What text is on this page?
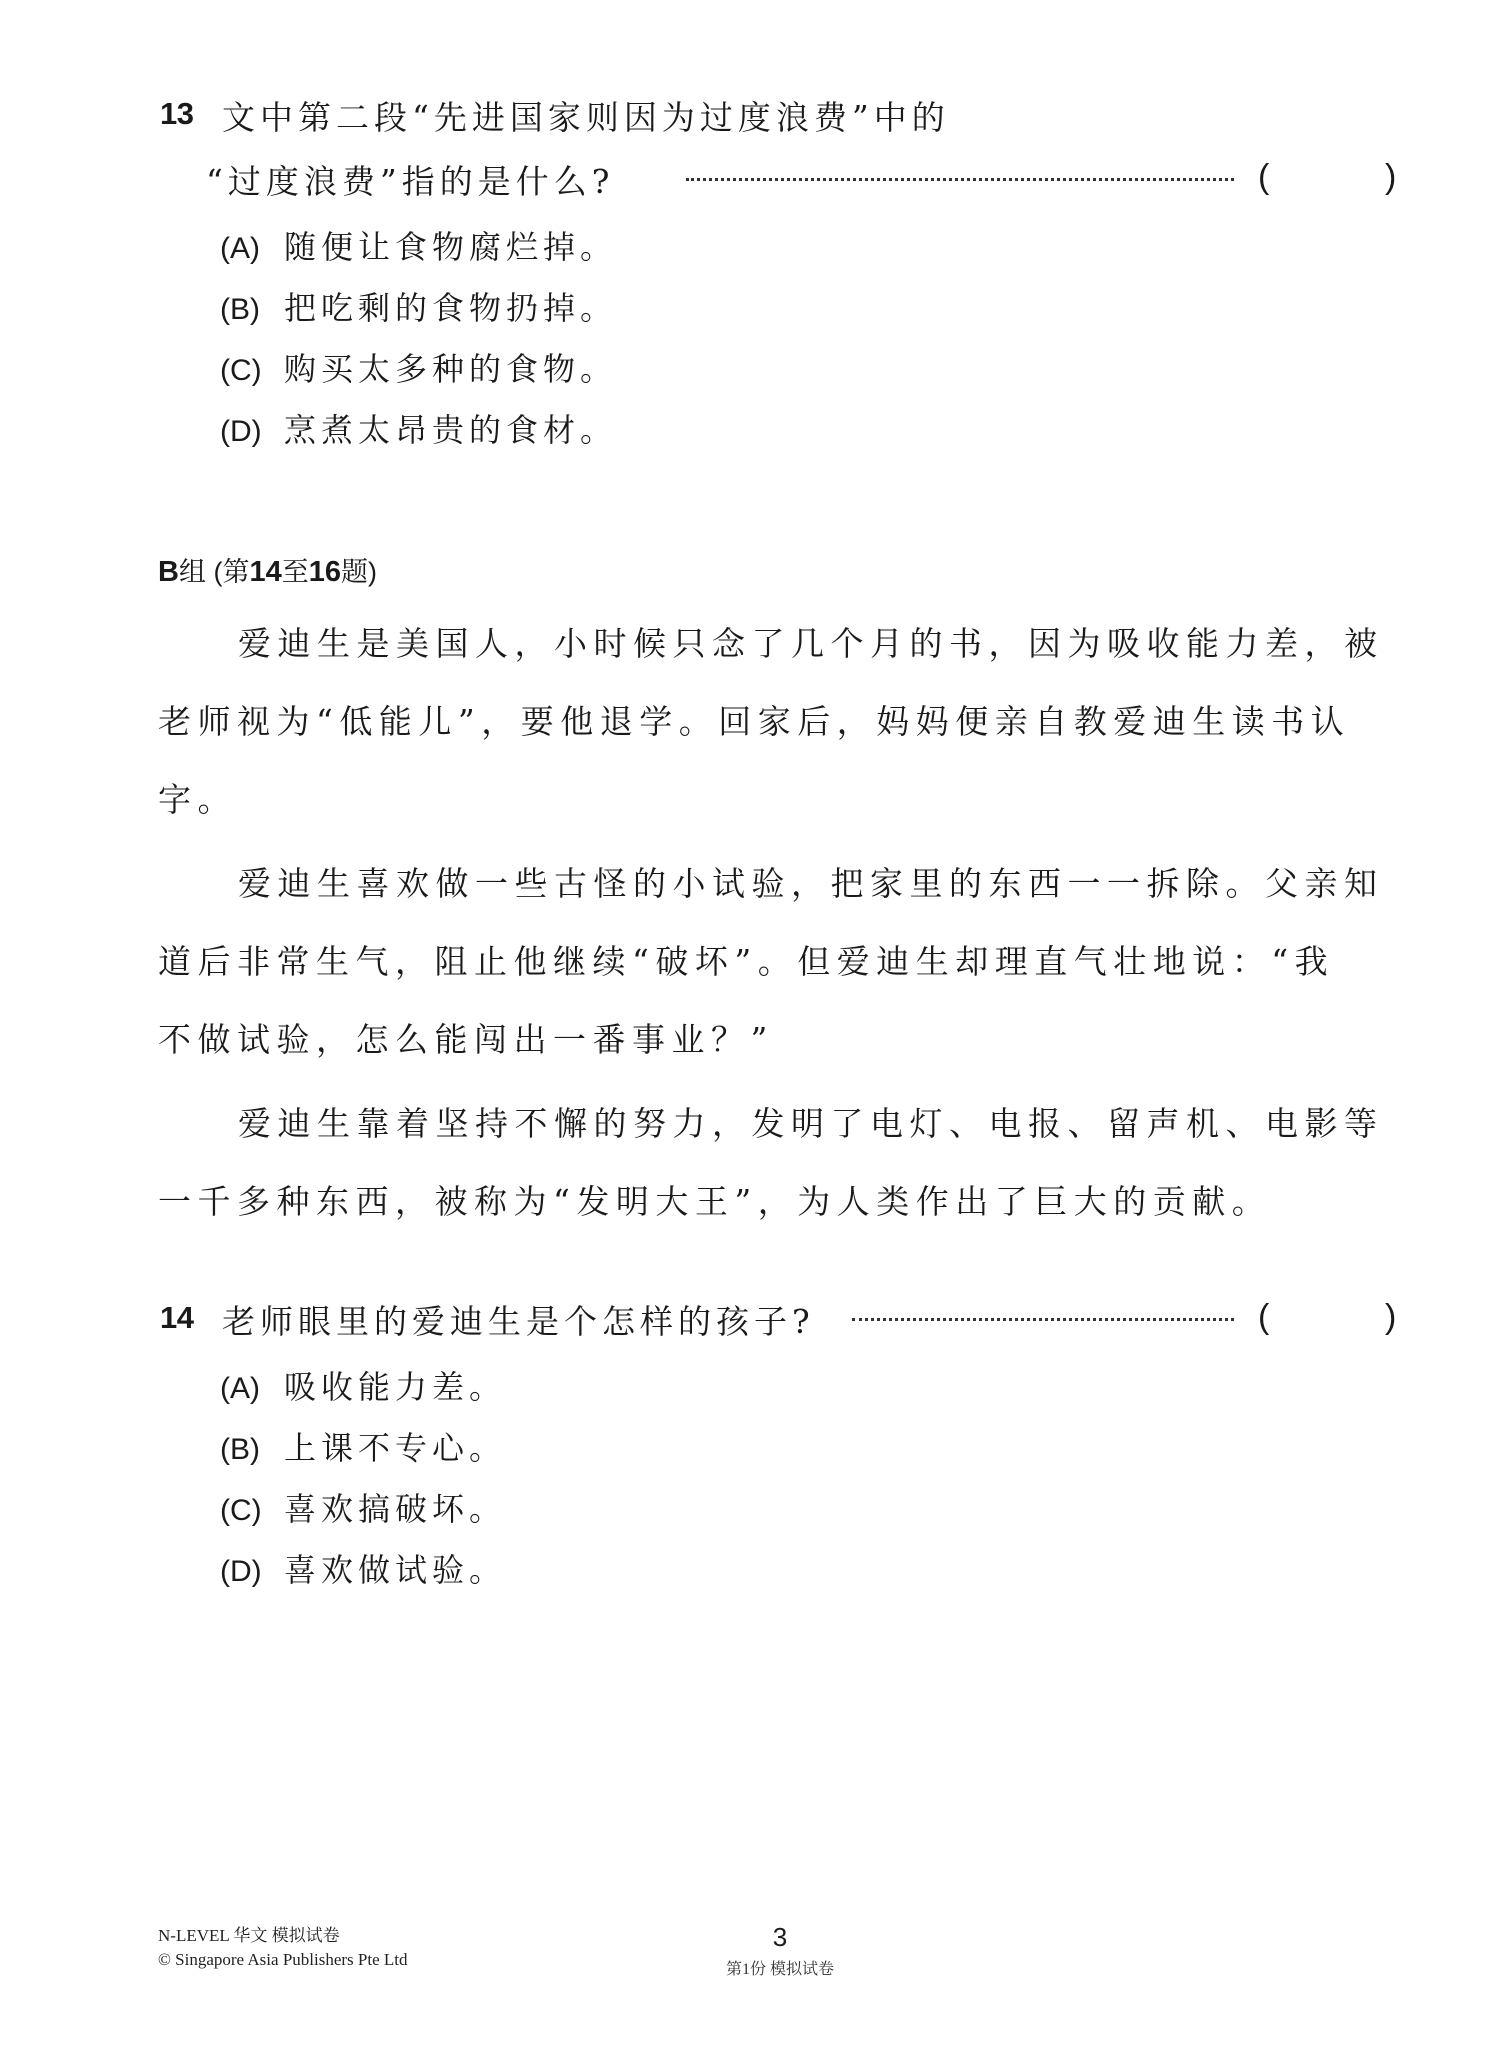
13 文中第二段“先进国家则因为过度浪费”中的
“过度浪费”指的是什么?	(	)
(A) 随便让食物腐烂掉。
(B) 把吃剩的食物扔掉。
(C) 购买太多种的食物。
(D) 烹煮太昂贵的食材。
B组 (第14至16题)
爱迪生是美国人，小时候只念了几个月的书，因为吸收能力差，被
老师视为“低能儿”，要他退学。回家后，妈妈便亲自教爱迪生读书认
字。
爱迪生喜欢做一些古怪的小试验，把家里的东西一一拆除。父亲知
道后非常生气，阻止他继续“破坏”。但爱迪生却理直气壮地说：“我
不做试验，怎么能闯出一番事业？”
爱迪生靠着坚持不懈的努力，发明了电灯、电报、留声机、电影等
一千多种东西，被称为“发明大王”，为人类作出了巨大的贡献。
14 老师眼里的爱迪生是个怎样的孩子?	(	)
(A) 吸收能力差。
(B) 上课不专心。
(C) 喜欢搞破坏。
(D) 喜欢做试验。
N-LEVEL 华文 模拟试卷
© Singapore Asia Publishers Pte Ltd
3
第1份 模拟试卷
